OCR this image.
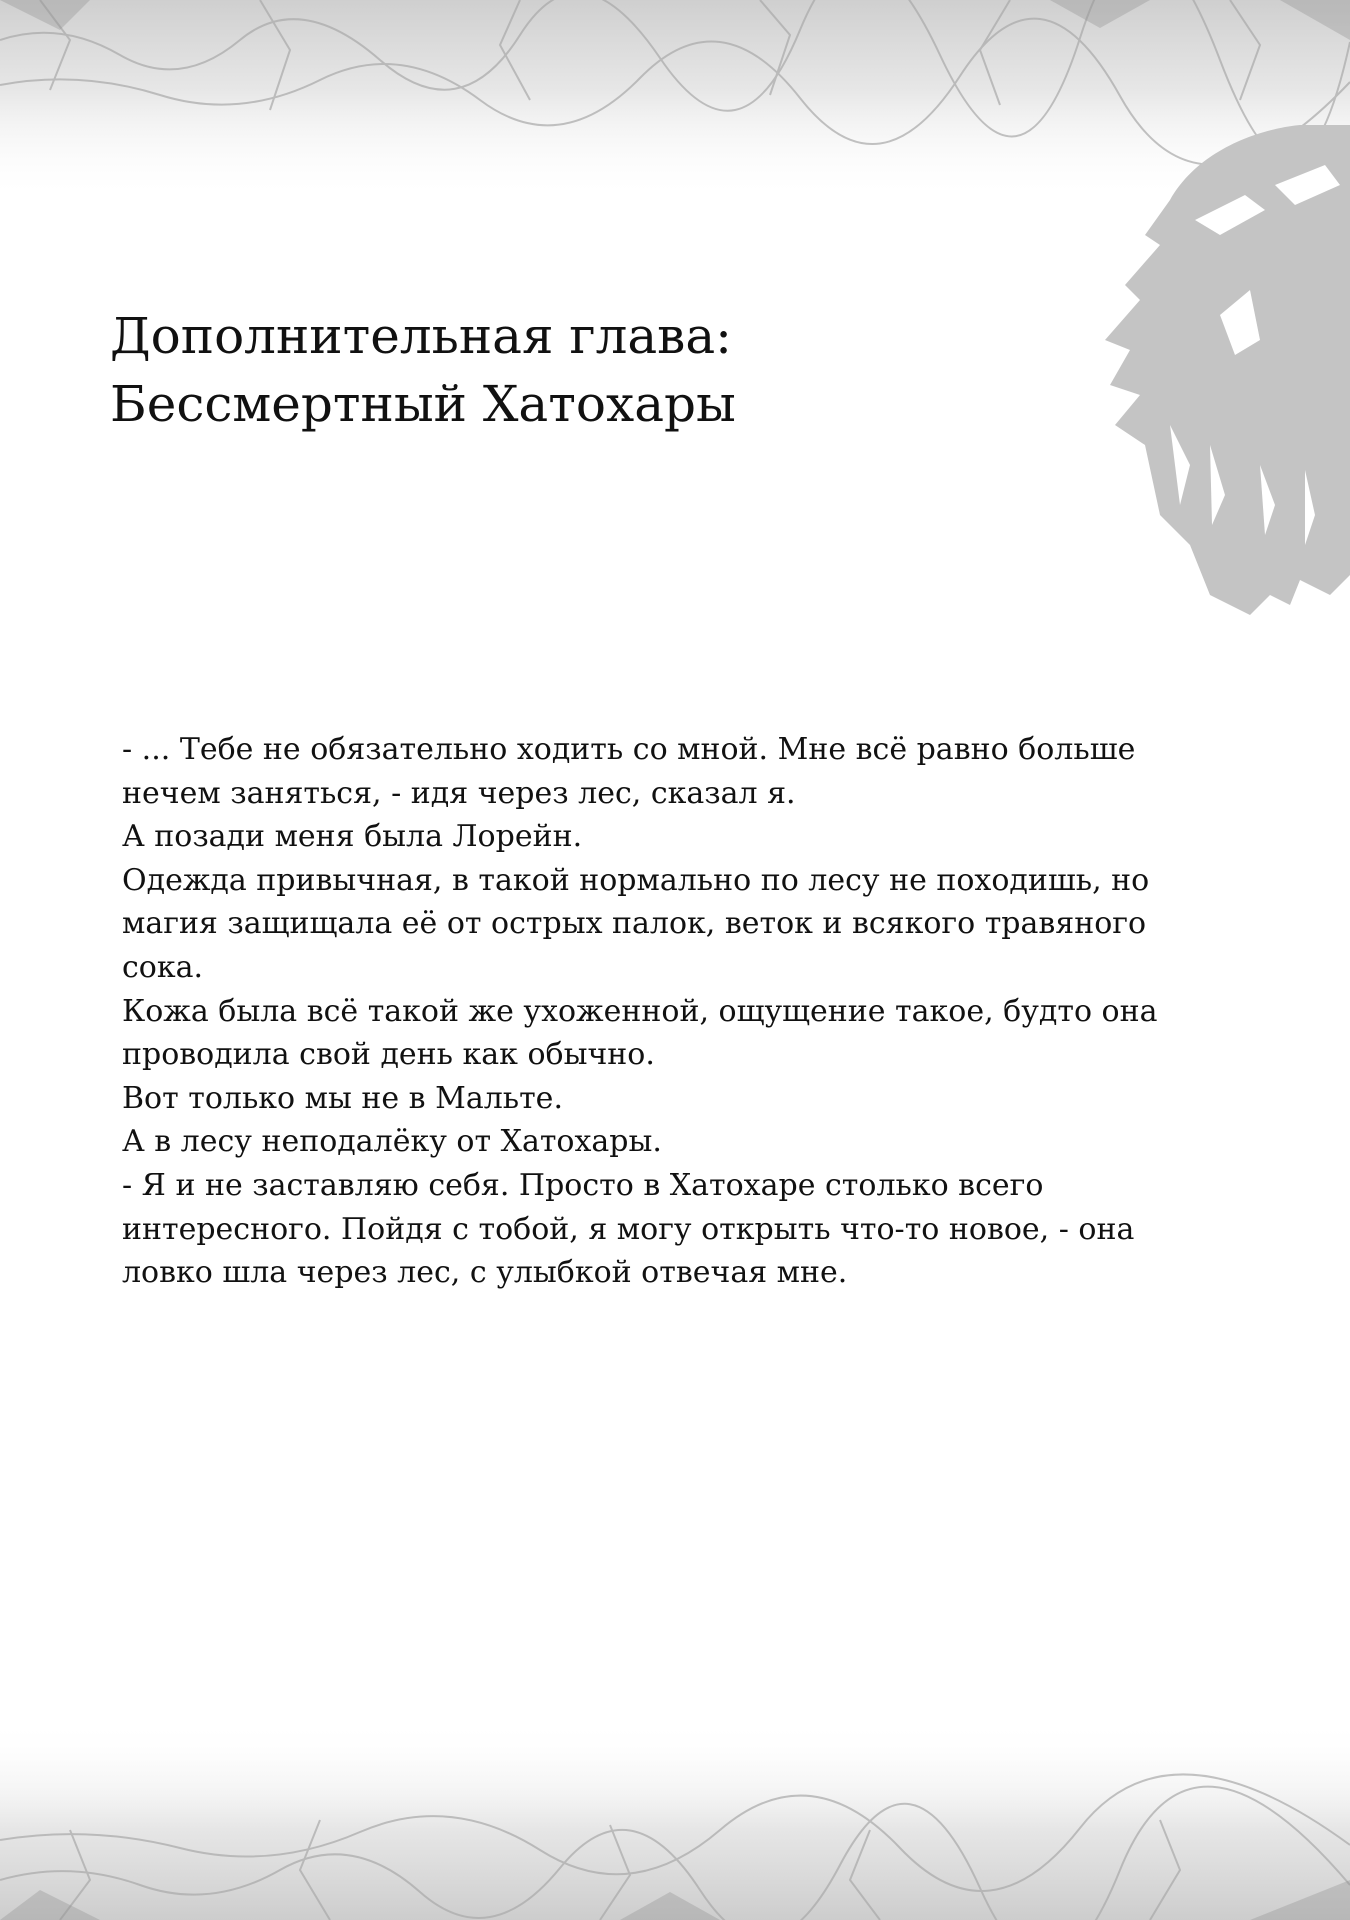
Дополнительная глава:
Бессмертный Хатохары
- ... Тебе не обязательно ходить со мной. Мне всё равно больше
нечем заняться, - идя через лес, сказал я.
А позади меня была Лорейн.
Одежда привычная, в такой нормально по лесу не походишь, но
магия защищала её от острых палок, веток и всякого травяного
сока.
Кожа была всё такой же ухоженной, ощущение такое, будто она
проводила свой день как обычно.
Вот только мы не в Мальте.
А в лесу неподалёку от Хатохары.
- Я и не заставляю себя. Просто в Хатохаре столько всего
интересного. Пойдя с тобой, я могу открыть что-то новое, - она
ловко шла через лес, с улыбкой отвечая мне.
